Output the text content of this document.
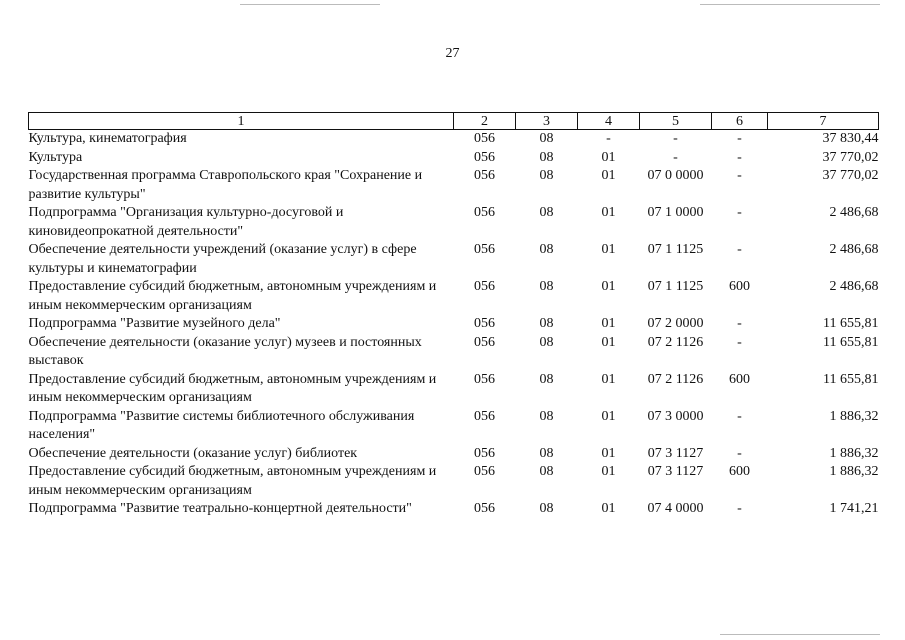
27
1	2	3	4	5	6	7
Культура, кинематография	056	08	-	-	-	37 830,44
Культура	056	08	01	-	-	37 770,02
Государственная программа Ставропольского края "Сохранение и развитие культуры"	056	08	01	07 0 0000	-	37 770,02
Подпрограмма "Организация культурно-досуговой и киновидеопрокатной деятельности"	056	08	01	07 1 0000	-	2 486,68
Обеспечение деятельности учреждений (оказание услуг) в сфере культуры и кинематографии	056	08	01	07 1 1125	-	2 486,68
Предоставление субсидий бюджетным, автономным учреждениям и иным некоммерческим организациям	056	08	01	07 1 1125	600	2 486,68
Подпрограмма "Развитие музейного дела"	056	08	01	07 2 0000	-	11 655,81
Обеспечение деятельности (оказание услуг) музеев и постоянных выставок	056	08	01	07 2 1126	-	11 655,81
Предоставление субсидий бюджетным, автономным учреждениям и иным некоммерческим организациям	056	08	01	07 2 1126	600	11 655,81
Подпрограмма "Развитие системы библиотечного обслуживания населения"	056	08	01	07 3 0000	-	1 886,32
Обеспечение деятельности (оказание услуг) библиотек	056	08	01	07 3 1127	-	1 886,32
Предоставление субсидий бюджетным, автономным учреждениям и иным некоммерческим организациям	056	08	01	07 3 1127	600	1 886,32
Подпрограмма "Развитие театрально-концертной деятельности"	056	08	01	07 4 0000	-	1 741,21
